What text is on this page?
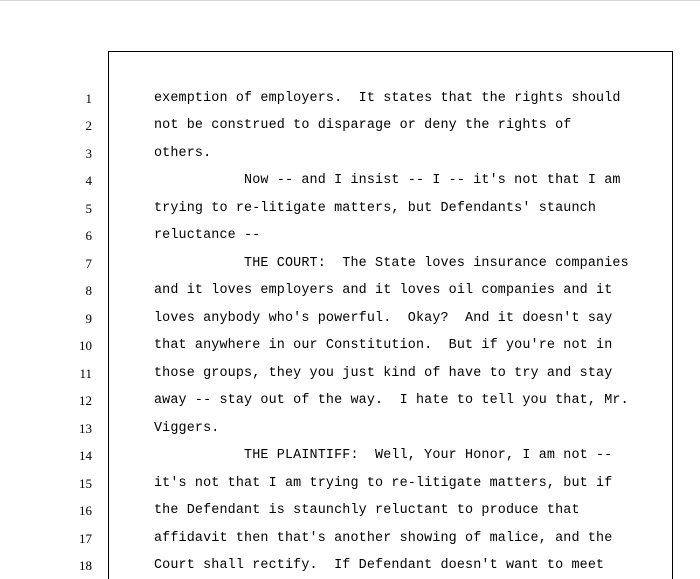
1	exemption of employers.  It states that the rights should
2	not be construed to disparage or deny the rights of
3	others.
4	Now -- and I insist -- I -- it's not that I am
5	trying to re-litigate matters, but Defendants' staunch
6	reluctance --
7	THE COURT:  The State loves insurance companies
8	and it loves employers and it loves oil companies and it
9	loves anybody who's powerful.  Okay?  And it doesn't say
10	that anywhere in our Constitution.  But if you're not in
11	those groups, they you just kind of have to try and stay
12	away -- stay out of the way.  I hate to tell you that, Mr.
13	Viggers.
14	THE PLAINTIFF:  Well, Your Honor, I am not --
15	it's not that I am trying to re-litigate matters, but if
16	the Defendant is staunchly reluctant to produce that
17	affidavit then that's another showing of malice, and the
18	Court shall rectify.  If Defendant doesn't want to meet
